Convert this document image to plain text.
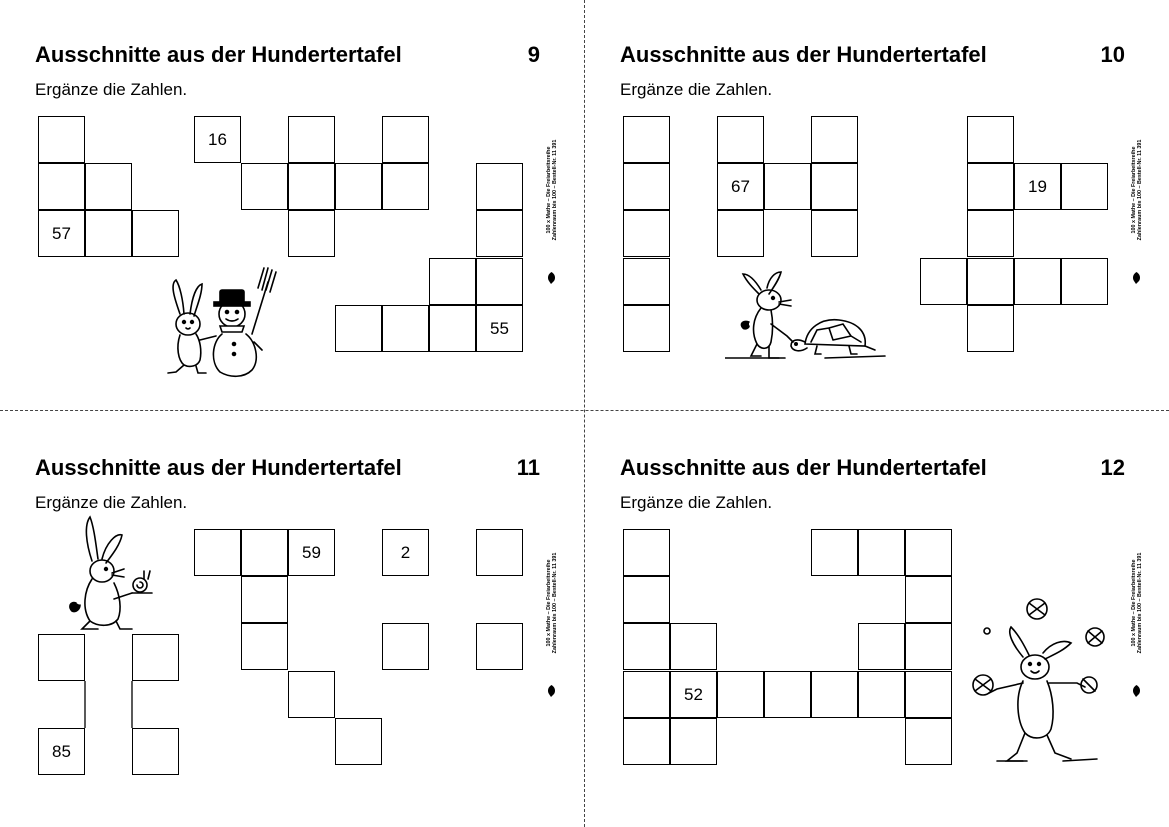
Ausschnitte aus der Hundertertafel	9
Ergänze die Zahlen.
57
16
55
100 x Mathe – Die Freiarbeitsreihe Zahlenraum bis 100 – Bestell-Nr. 11 391
Ausschnitte aus der Hundertertafel	10
Ergänze die Zahlen.
67	19	100 x Mathe – Die Freiarbeitsreihe Zahlenraum bis 100 – Bestell-Nr. 11 391
Ausschnitte aus der Hundertertafel	11
Ergänze die Zahlen.
59	2
85
100 x Mathe – Die Freiarbeitsreihe Zahlenraum bis 100 – Bestell-Nr. 11 391
Ausschnitte aus der Hundertertafel	12
Ergänze die Zahlen.
52
100 x Mathe – Die Freiarbeitsreihe Zahlenraum bis 100 – Bestell-Nr. 11 391
